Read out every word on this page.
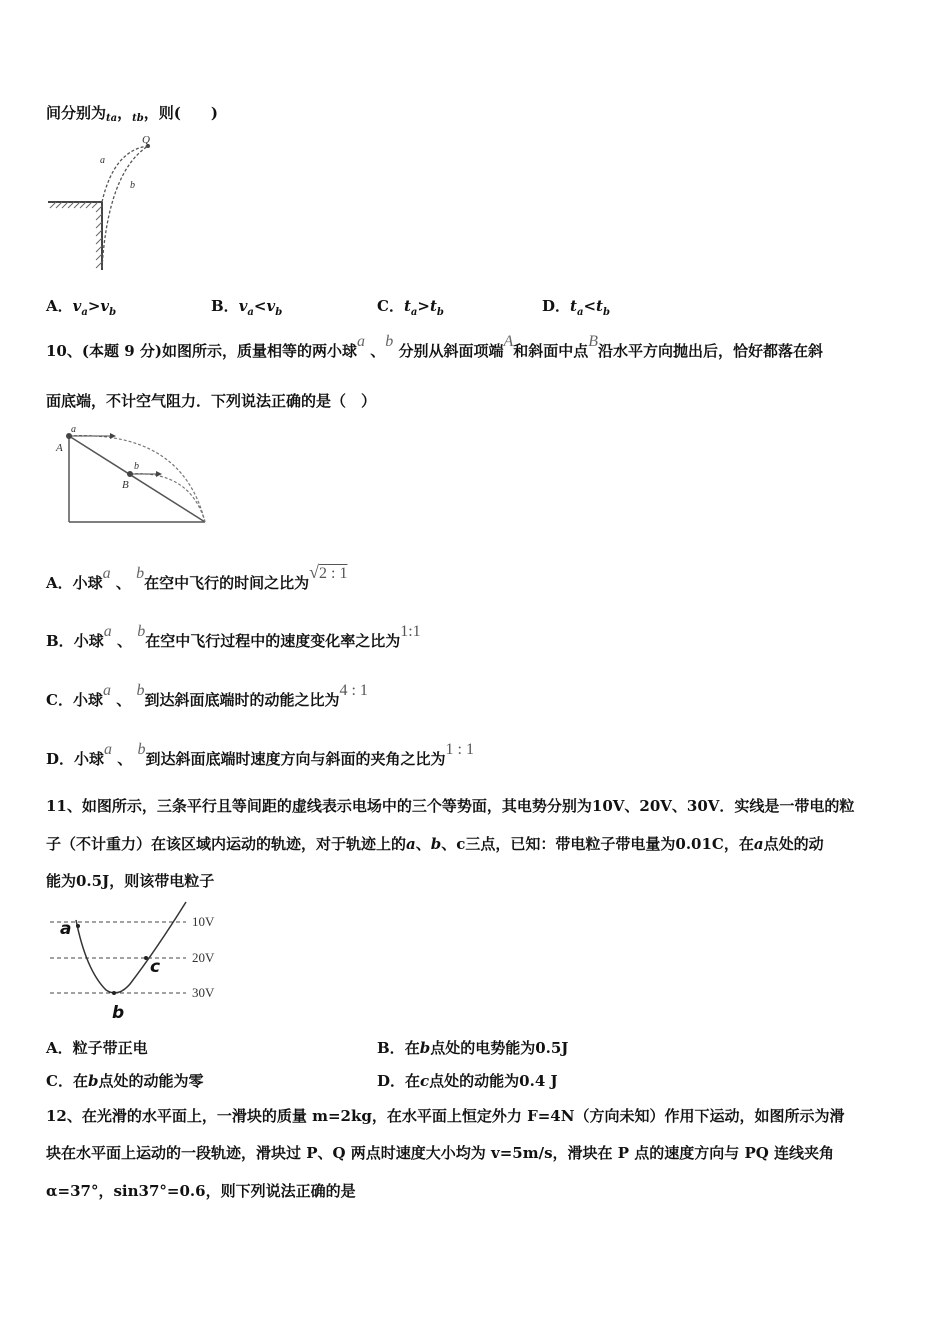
间分别为$_{ta}$，$_{tb}$，则(　　)
Q
a
b
A．$v_a>v_b$	B．$v_a<v_b$	C．$t_a>t_b$	D．$t_a<t_b$
10、(本题 9 分)如图所示，质量相等的两小球a 、b 分别从斜面项端A和斜面中点B沿水平方向抛出后，恰好都落在斜
面底端，不计空气阻力．下列说法正确的是（　）
a
A
b
B
A．小球a 、 b在空中飞行的时间之比为√2 : 1
B．小球a 、 b在空中飞行过程中的速度变化率之比为1:1
C．小球a 、 b到达斜面底端时的动能之比为4 : 1
D．小球a 、 b到达斜面底端时速度方向与斜面的夹角之比为1 : 1
11、如图所示，三条平行且等间距的虚线表示电场中的三个等势面，其电势分别为10V、20V、30V．实线是一带电的粒
子（不计重力）在该区域内运动的轨迹，对于轨迹上的a、b、c三点，已知：带电粒子带电量为0.01C，在a点处的动
能为0.5J，则该带电粒子
10V
20V
30V
a
b
c
A．粒子带正电	B．在b点处的电势能为0.5J
C．在b点处的动能为零	D．在c点处的动能为0.4 J
12、在光滑的水平面上，一滑块的质量 m=2kg，在水平面上恒定外力 F=4N（方向未知）作用下运动，如图所示为滑
块在水平面上运动的一段轨迹，滑块过 P、Q 两点时速度大小均为 v=5m/s，滑块在 P 点的速度方向与 PQ 连线夹角
α=37°，sin37°=0.6，则下列说法正确的是
